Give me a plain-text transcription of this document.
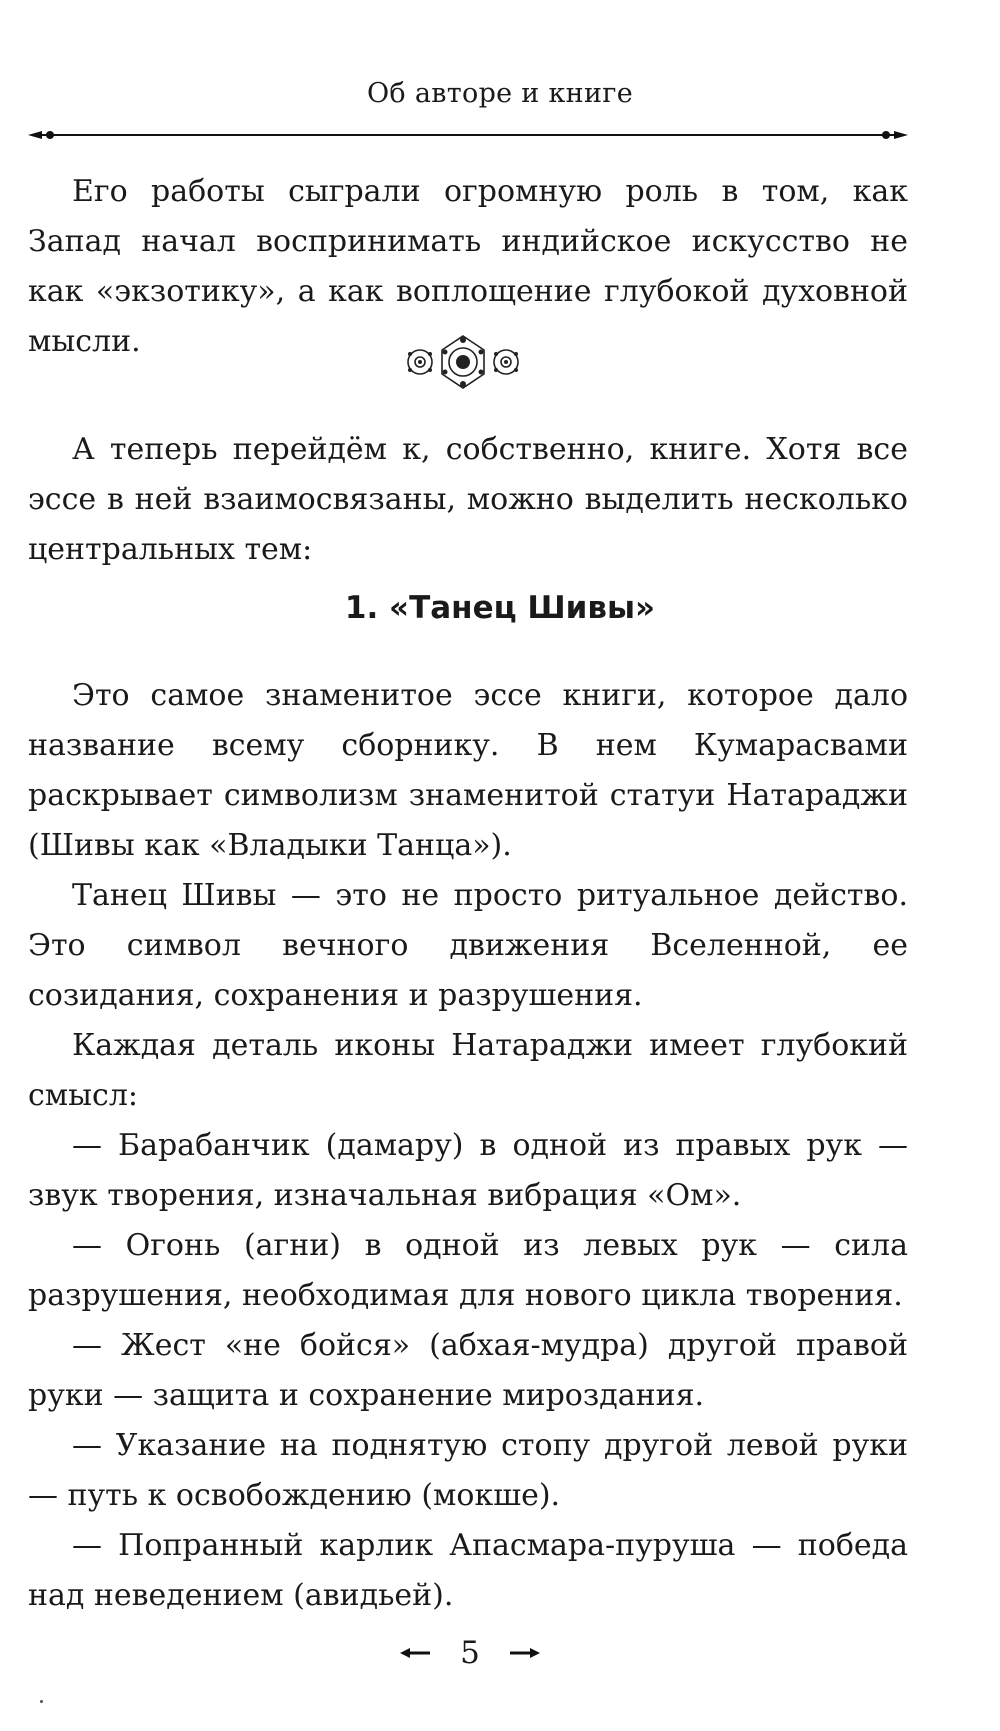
Об авторе и книге

Его работы сыграли огромную роль в том, как Запад начал воспринимать индийское искусство не как «экзотику», а как воплощение глубокой духовной мысли.

А теперь перейдём к, собственно, книге. Хотя все эссе в ней взаимосвязаны, можно выделить несколько центральных тем:

1. «Танец Шивы»

Это самое знаменитое эссе книги, которое дало название всему сборнику. В нем Кумарасвами раскрывает символизм знаменитой статуи Натараджи (Шивы как «Владыки Танца»).

Танец Шивы — это не просто ритуальное действо. Это символ вечного движения Вселенной, ее созидания, сохранения и разрушения.

Каждая деталь иконы Натараджи имеет глубокий смысл:

— Барабанчик (дамару) в одной из правых рук — звук творения, изначальная вибрация «Ом».

— Огонь (агни) в одной из левых рук — сила разрушения, необходимая для нового цикла творения.

— Жест «не бойся» (абхая-мудра) другой правой руки — защита и сохранение мироздания.

— Указание на поднятую стопу другой левой руки — путь к освобождению (мокше).

— Попранный карлик Апасмара-пуруша — победа над неведением (авидьей).

5
